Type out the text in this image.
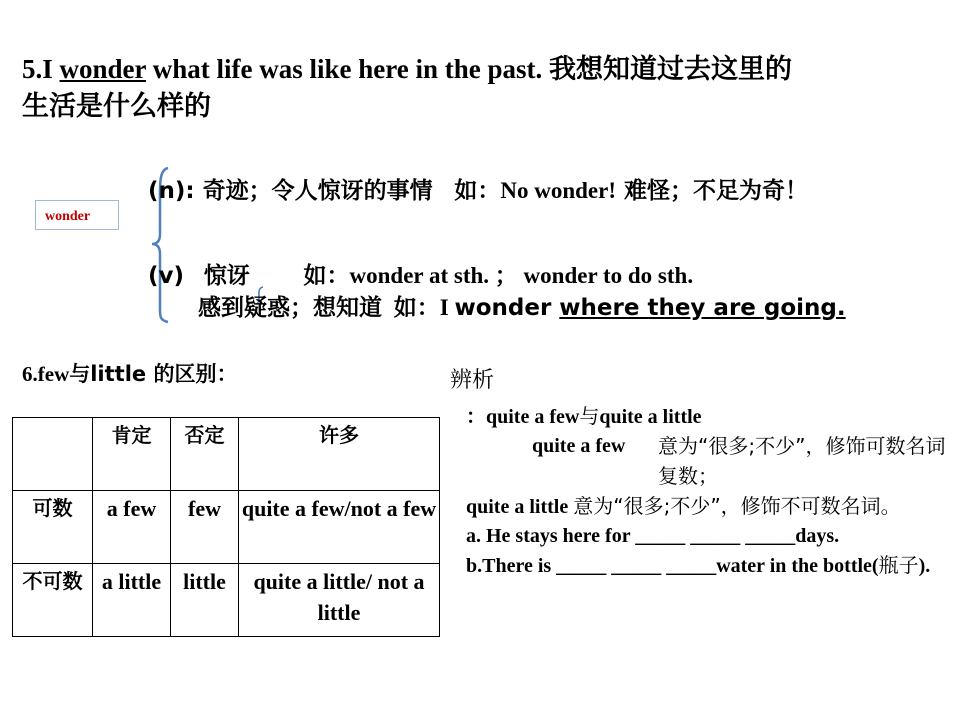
5.I wonder what life was like here in the past. 我想知道过去这里的
生活是什么样的
wonder
(n): 奇迹；令人惊讶的事情 如：No wonder! 难怪；不足为奇！
(v) 惊讶 如：wonder at sth. ； wonder to do sth.
感到疑惑；想知道 如：I wonder where they are going.
6.few与little 的区别：
	肯定	否定	许多
可数	a few	few	quite a few/not a few
不可数	a little	little	quite a little/ not a little
辨析
：quite a few与quite a little
quite a few	意为“很多;不少”，修饰可数名词复数；
quite a little 意为“很多;不少”，修饰不可数名词。
a. He stays here for _____ _____ _____days.
b.There is _____ _____ _____water in the bottle(瓶子).
